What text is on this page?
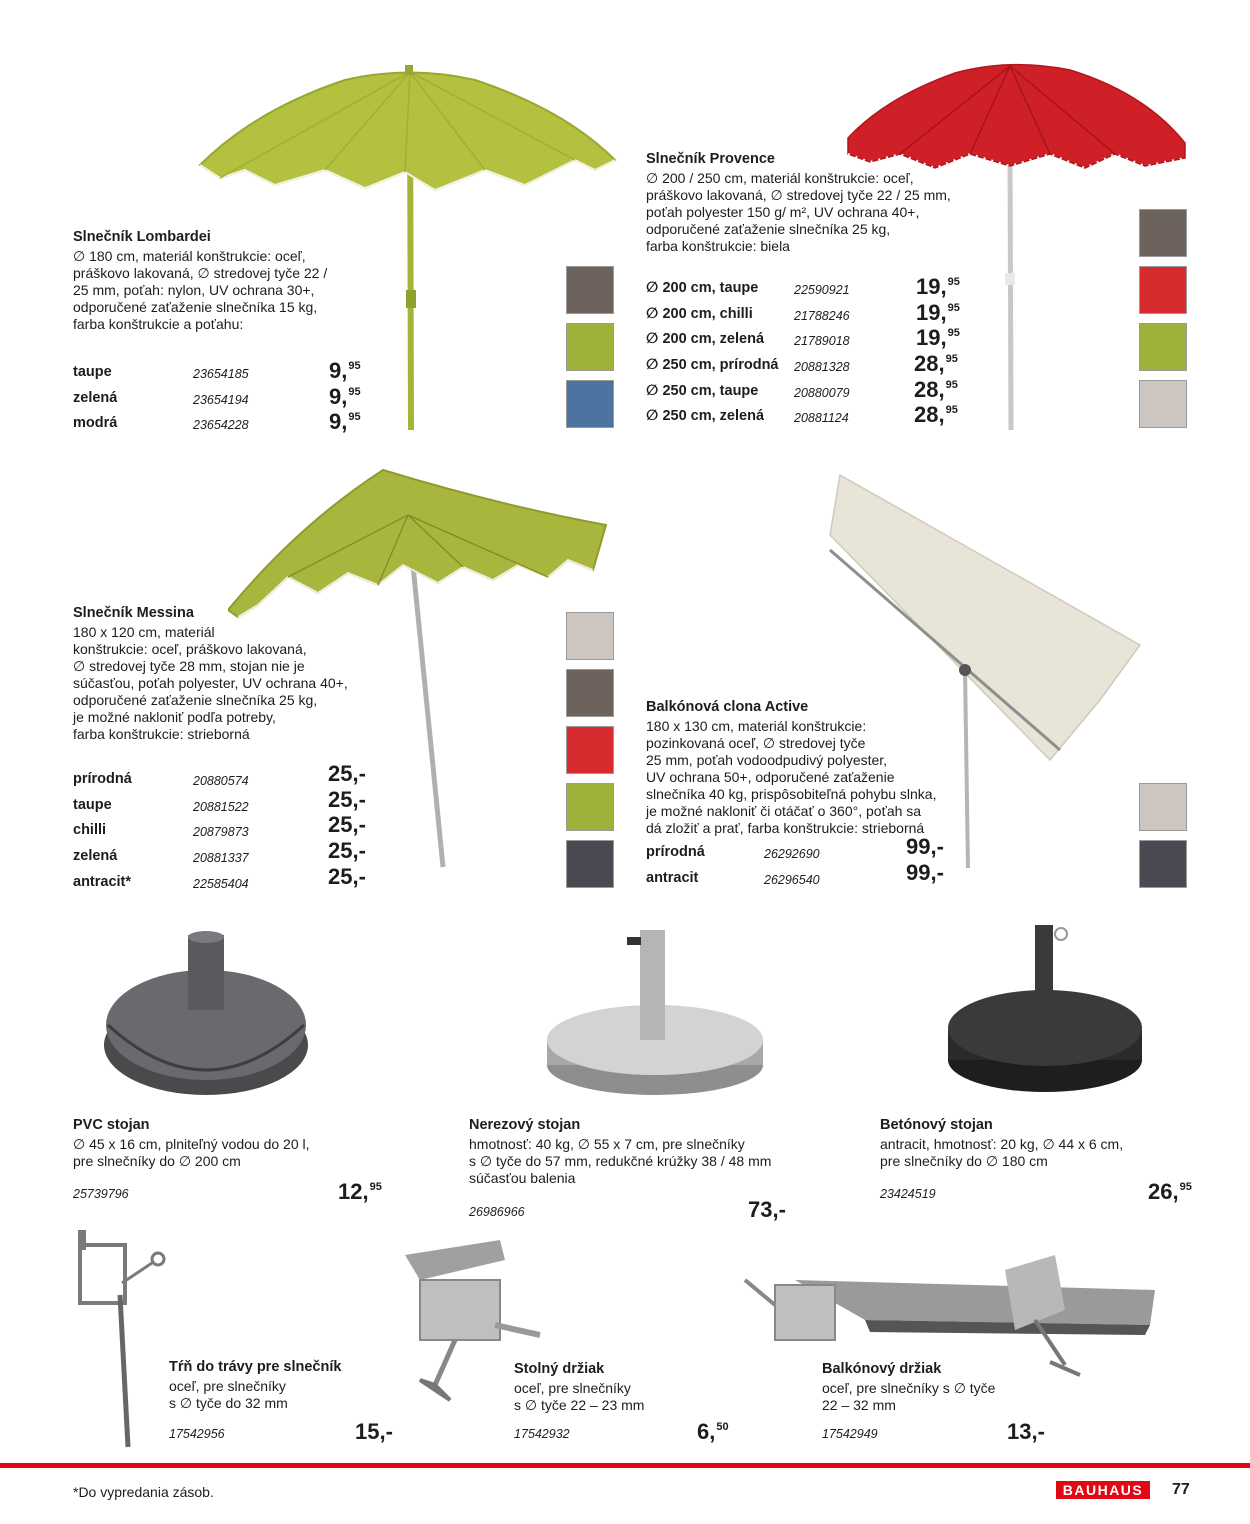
Slnečník Lombardei
∅ 180 cm, materiál konštrukcie: oceľ,
práškovo lakovaná, ∅ stredovej tyče 22 /
25 mm, poťah: nylon, UV ochrana 30+,
odporučené zaťaženie slnečníka 15 kg,
farba konštrukcie a poťahu:
taupe	23654185	9,95
zelená	23654194	9,95
modrá	23654228	9,95
Slnečník Provence
∅ 200 / 250 cm, materiál konštrukcie: oceľ,
práškovo lakovaná, ∅ stredovej tyče 22 / 25 mm,
poťah polyester 150 g/ m², UV ochrana 40+,
odporučené zaťaženie slnečníka 25 kg,
farba konštrukcie: biela
∅ 200 cm, taupe	22590921	19,95
∅ 200 cm, chilli	21788246	19,95
∅ 200 cm, zelená 21789018	19,95
∅ 250 cm, prírodná 20881328	28,95
∅ 250 cm, taupe	20880079	28,95
∅ 250 cm, zelená 20881124	28,95
Slnečník Messina
180 x 120 cm, materiál
konštrukcie: oceľ, práškovo lakovaná,
∅ stredovej tyče 28 mm, stojan nie je
súčasťou, poťah polyester, UV ochrana 40+,
odporučené zaťaženie slnečníka 25 kg,
je možné nakloniť podľa potreby,
farba konštrukcie: strieborná
prírodná	20880574	25,-
taupe	20881522	25,-
chilli	20879873	25,-
zelená	20881337	25,-
antracit*	22585404	25,-
Balkónová clona Active
180 x 130 cm, materiál konštrukcie:
pozinkovaná oceľ, ∅ stredovej tyče
25 mm, poťah vodoodpudivý polyester,
UV ochrana 50+, odporučené zaťaženie
slnečníka 40 kg, prispôsobiteľná pohybu slnka,
je možné nakloniť či otáčať o 360°, poťah sa
dá zložiť a prať, farba konštrukcie: strieborná
prírodná	26292690	99,-
antracit	26296540	99,-
PVC stojan
∅ 45 x 16 cm, plniteľný vodou do 20 l,
pre slnečníky do ∅ 200 cm
25739796	12,95
Nerezový stojan
hmotnosť: 40 kg, ∅ 55 x 7 cm, pre slnečníky
s ∅ tyče do 57 mm, redukčné krúžky 38 / 48 mm
súčasťou balenia
26986966	73,-
Betónový stojan
antracit, hmotnosť: 20 kg, ∅ 44 x 6 cm,
pre slnečníky do ∅ 180 cm
23424519	26,95
Tŕň do trávy pre slnečník
oceľ, pre slnečníky
s ∅ tyče do 32 mm
17542956	15,-
Stolný držiak
oceľ, pre slnečníky
s ∅ tyče 22 – 23 mm
17542932	6,50
Balkónový držiak
oceľ, pre slnečníky s ∅ tyče
22 – 32 mm
17542949	13,-
*Do vypredania zásob.	BAUHAUS	77
